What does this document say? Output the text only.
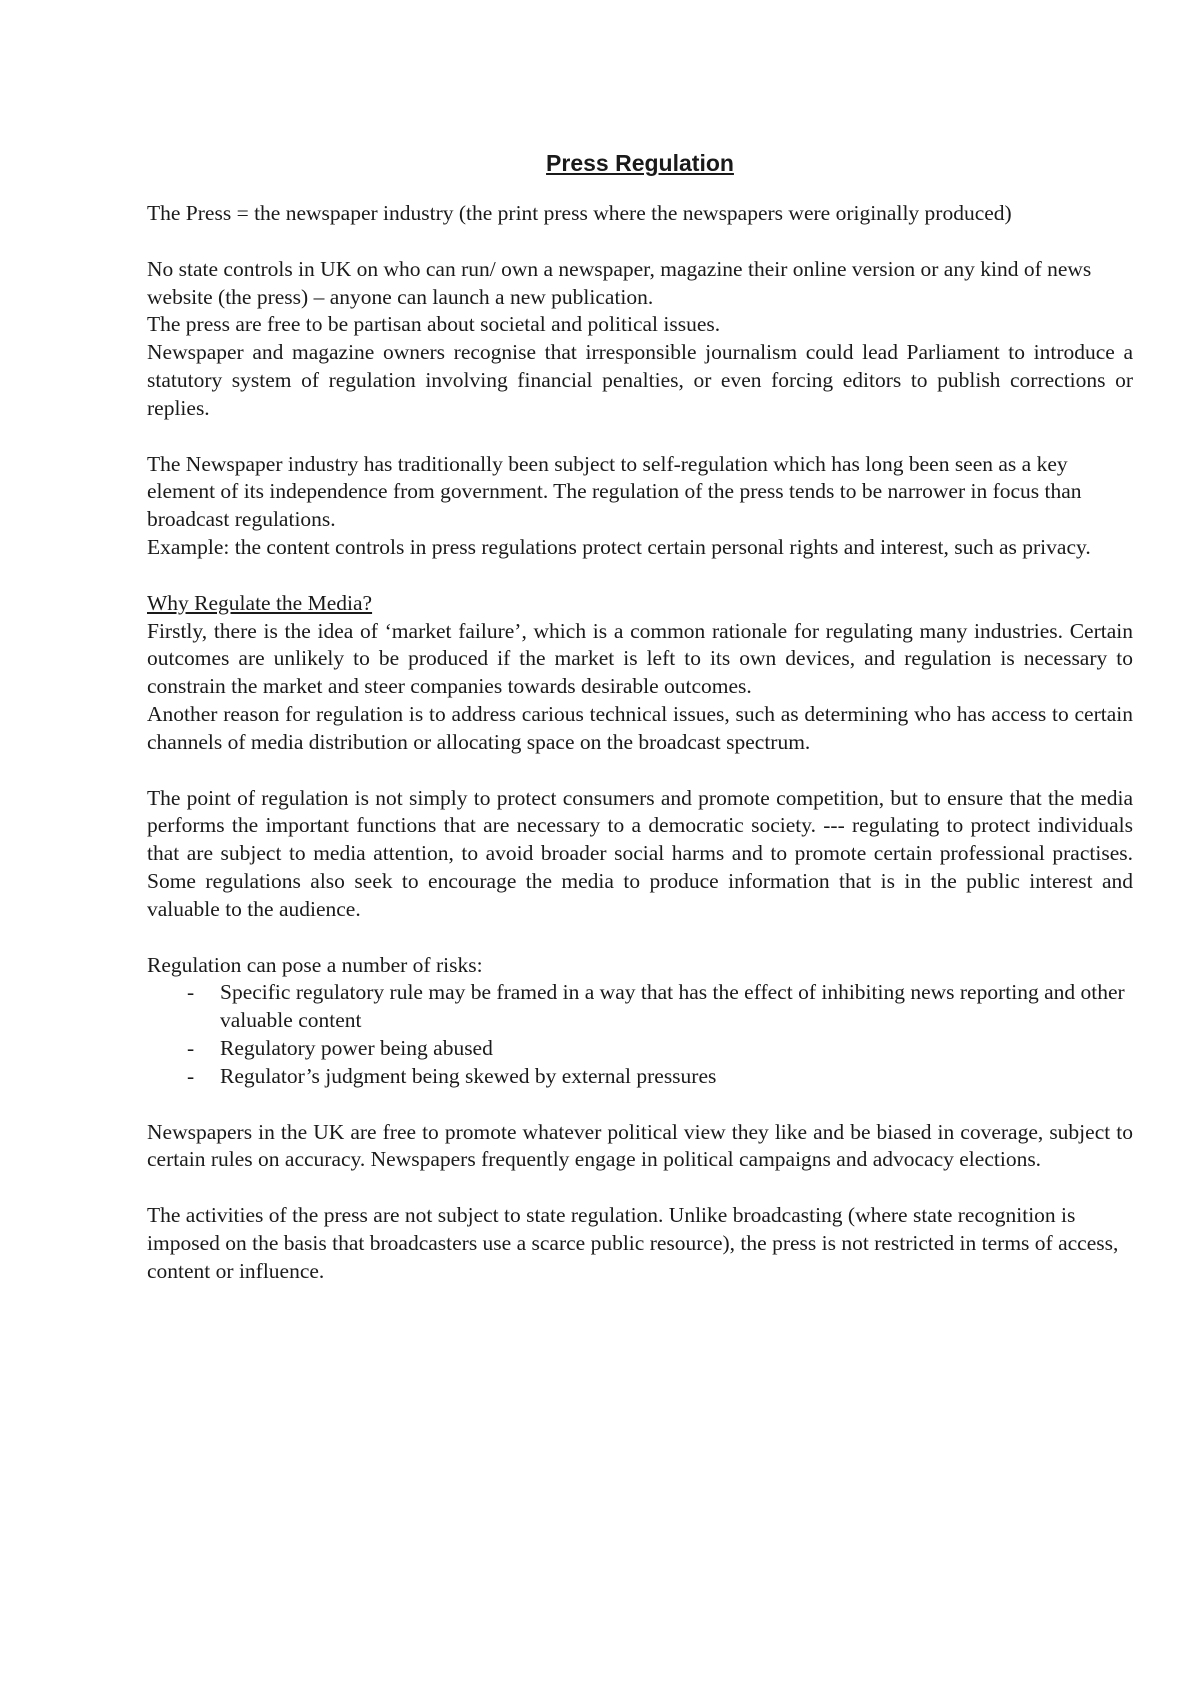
Press Regulation

The Press = the newspaper industry (the print press where the newspapers were originally produced)

No state controls in UK on who can run/ own a newspaper, magazine their online version or any kind of news website (the press) – anyone can launch a new publication.

The press are free to be partisan about societal and political issues.

Newspaper and magazine owners recognise that irresponsible journalism could lead Parliament to introduce a statutory system of regulation involving financial penalties, or even forcing editors to publish corrections or replies.

The Newspaper industry has traditionally been subject to self-regulation which has long been seen as a key element of its independence from government. The regulation of the press tends to be narrower in focus than broadcast regulations.

Example: the content controls in press regulations protect certain personal rights and interest, such as privacy.

Why Regulate the Media?

Firstly, there is the idea of ‘market failure’, which is a common rationale for regulating many industries. Certain outcomes are unlikely to be produced if the market is left to its own devices, and regulation is necessary to constrain the market and steer companies towards desirable outcomes.

Another reason for regulation is to address carious technical issues, such as determining who has access to certain channels of media distribution or allocating space on the broadcast spectrum.

The point of regulation is not simply to protect consumers and promote competition, but to ensure that the media performs the important functions that are necessary to a democratic society. --- regulating to protect individuals that are subject to media attention, to avoid broader social harms and to promote certain professional practises. Some regulations also seek to encourage the media to produce information that is in the public interest and valuable to the audience.

Regulation can pose a number of risks:

- Specific regulatory rule may be framed in a way that has the effect of inhibiting news reporting and other valuable content
- Regulatory power being abused
- Regulator’s judgment being skewed by external pressures

Newspapers in the UK are free to promote whatever political view they like and be biased in coverage, subject to certain rules on accuracy. Newspapers frequently engage in political campaigns and advocacy elections.

The activities of the press are not subject to state regulation. Unlike broadcasting (where state recognition is imposed on the basis that broadcasters use a scarce public resource), the press is not restricted in terms of access, content or influence.
